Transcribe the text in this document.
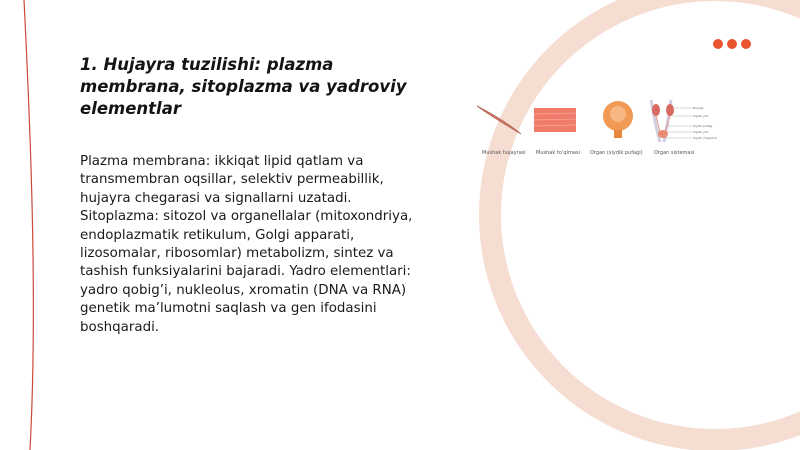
1. Hujayra tuzilishi: plazma membrana, sitoplazma va yadroviy elementlar

Plazma membrana: ikkiqat lipid qatlam va transmembran oqsillar, selektiv permeabillik, hujayra chegarasi va signallarni uzatadi. Sitoplazma: sitozol va organellalar (mitoxondriya, endoplazmatik retikulum, Golgi apparati, lizosomalar, ribosomlar) metabolizm, sintez va tashish funksiyalarini bajaradi. Yadro elementlari: yadro qobig’i, nukleolus, xromatin (DNA va RNA) genetik ma’lumotni saqlash va gen ifodasini boshqaradi.

Buyrak
Siydik yoli
Siydik pufagi
Siydik yoli
Siydik chiqarish
Mushak hujayrasi Mushak to‘qimasi Organ (siydik pufagi) Organ sistemasi
